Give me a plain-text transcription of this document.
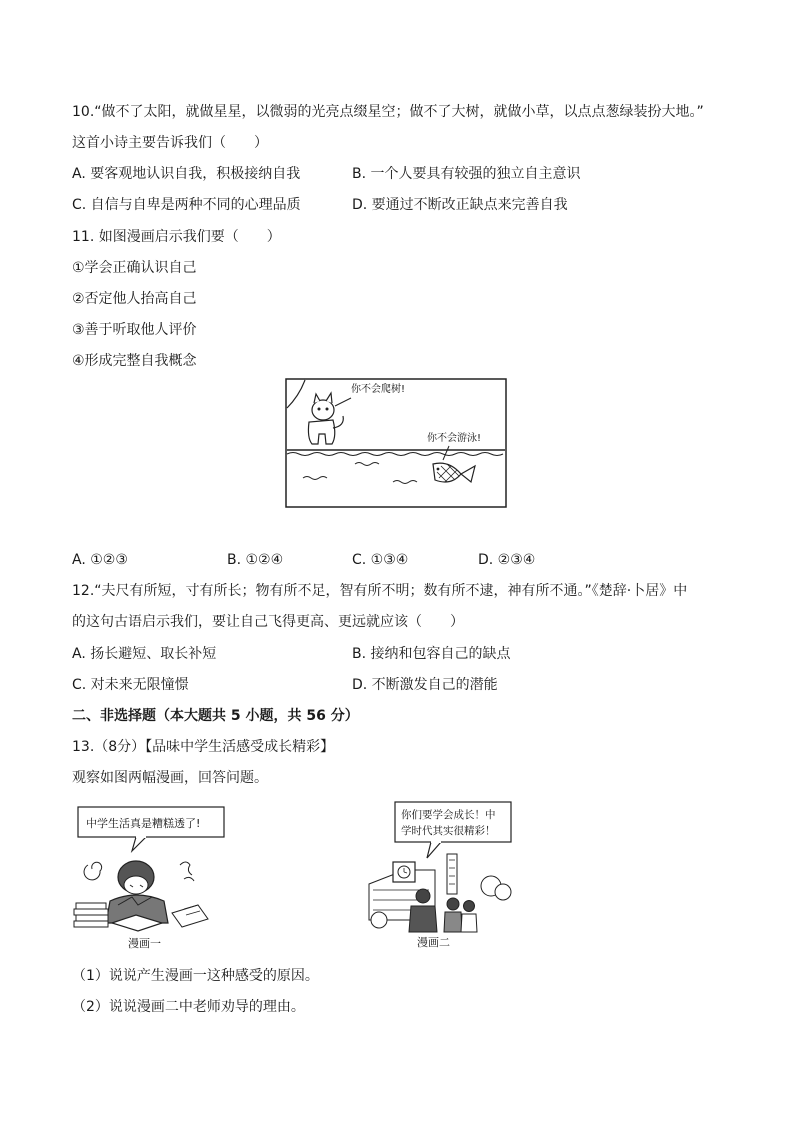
10.“做不了太阳，就做星星，以微弱的光亮点缀星空；做不了大树，就做小草，以点点葱绿装扮大地。”
这首小诗主要告诉我们（　　）
A. 要客观地认识自我，积极接纳自我	B. 一个人要具有较强的独立自主意识
C. 自信与自卑是两种不同的心理品质	D. 要通过不断改正缺点来完善自我
11. 如图漫画启示我们要（　　）
①学会正确认识自己
②否定他人抬高自己
③善于听取他人评价
④形成完整自我概念
你不会爬树!
你不会游泳!
A. ①②③	B. ①②④	C. ①③④	D. ②③④
12.“夫尺有所短，寸有所长；物有所不足，智有所不明；数有所不逮，神有所不通。”《楚辞·卜居》中
的这句古语启示我们，要让自己飞得更高、更远就应该（　　）
A. 扬长避短、取长补短	B. 接纳和包容自己的缺点
C. 对未来无限憧憬	D. 不断激发自己的潜能
二、非选择题（本大题共 5 小题，共 56 分）
13.（8分）【品味中学生活感受成长精彩】
观察如图两幅漫画，回答问题。
中学生活真是糟糕透了!
漫画一
你们要学会成长！中
学时代其实很精彩！
漫画二
（1）说说产生漫画一这种感受的原因。
（2）说说漫画二中老师劝导的理由。
